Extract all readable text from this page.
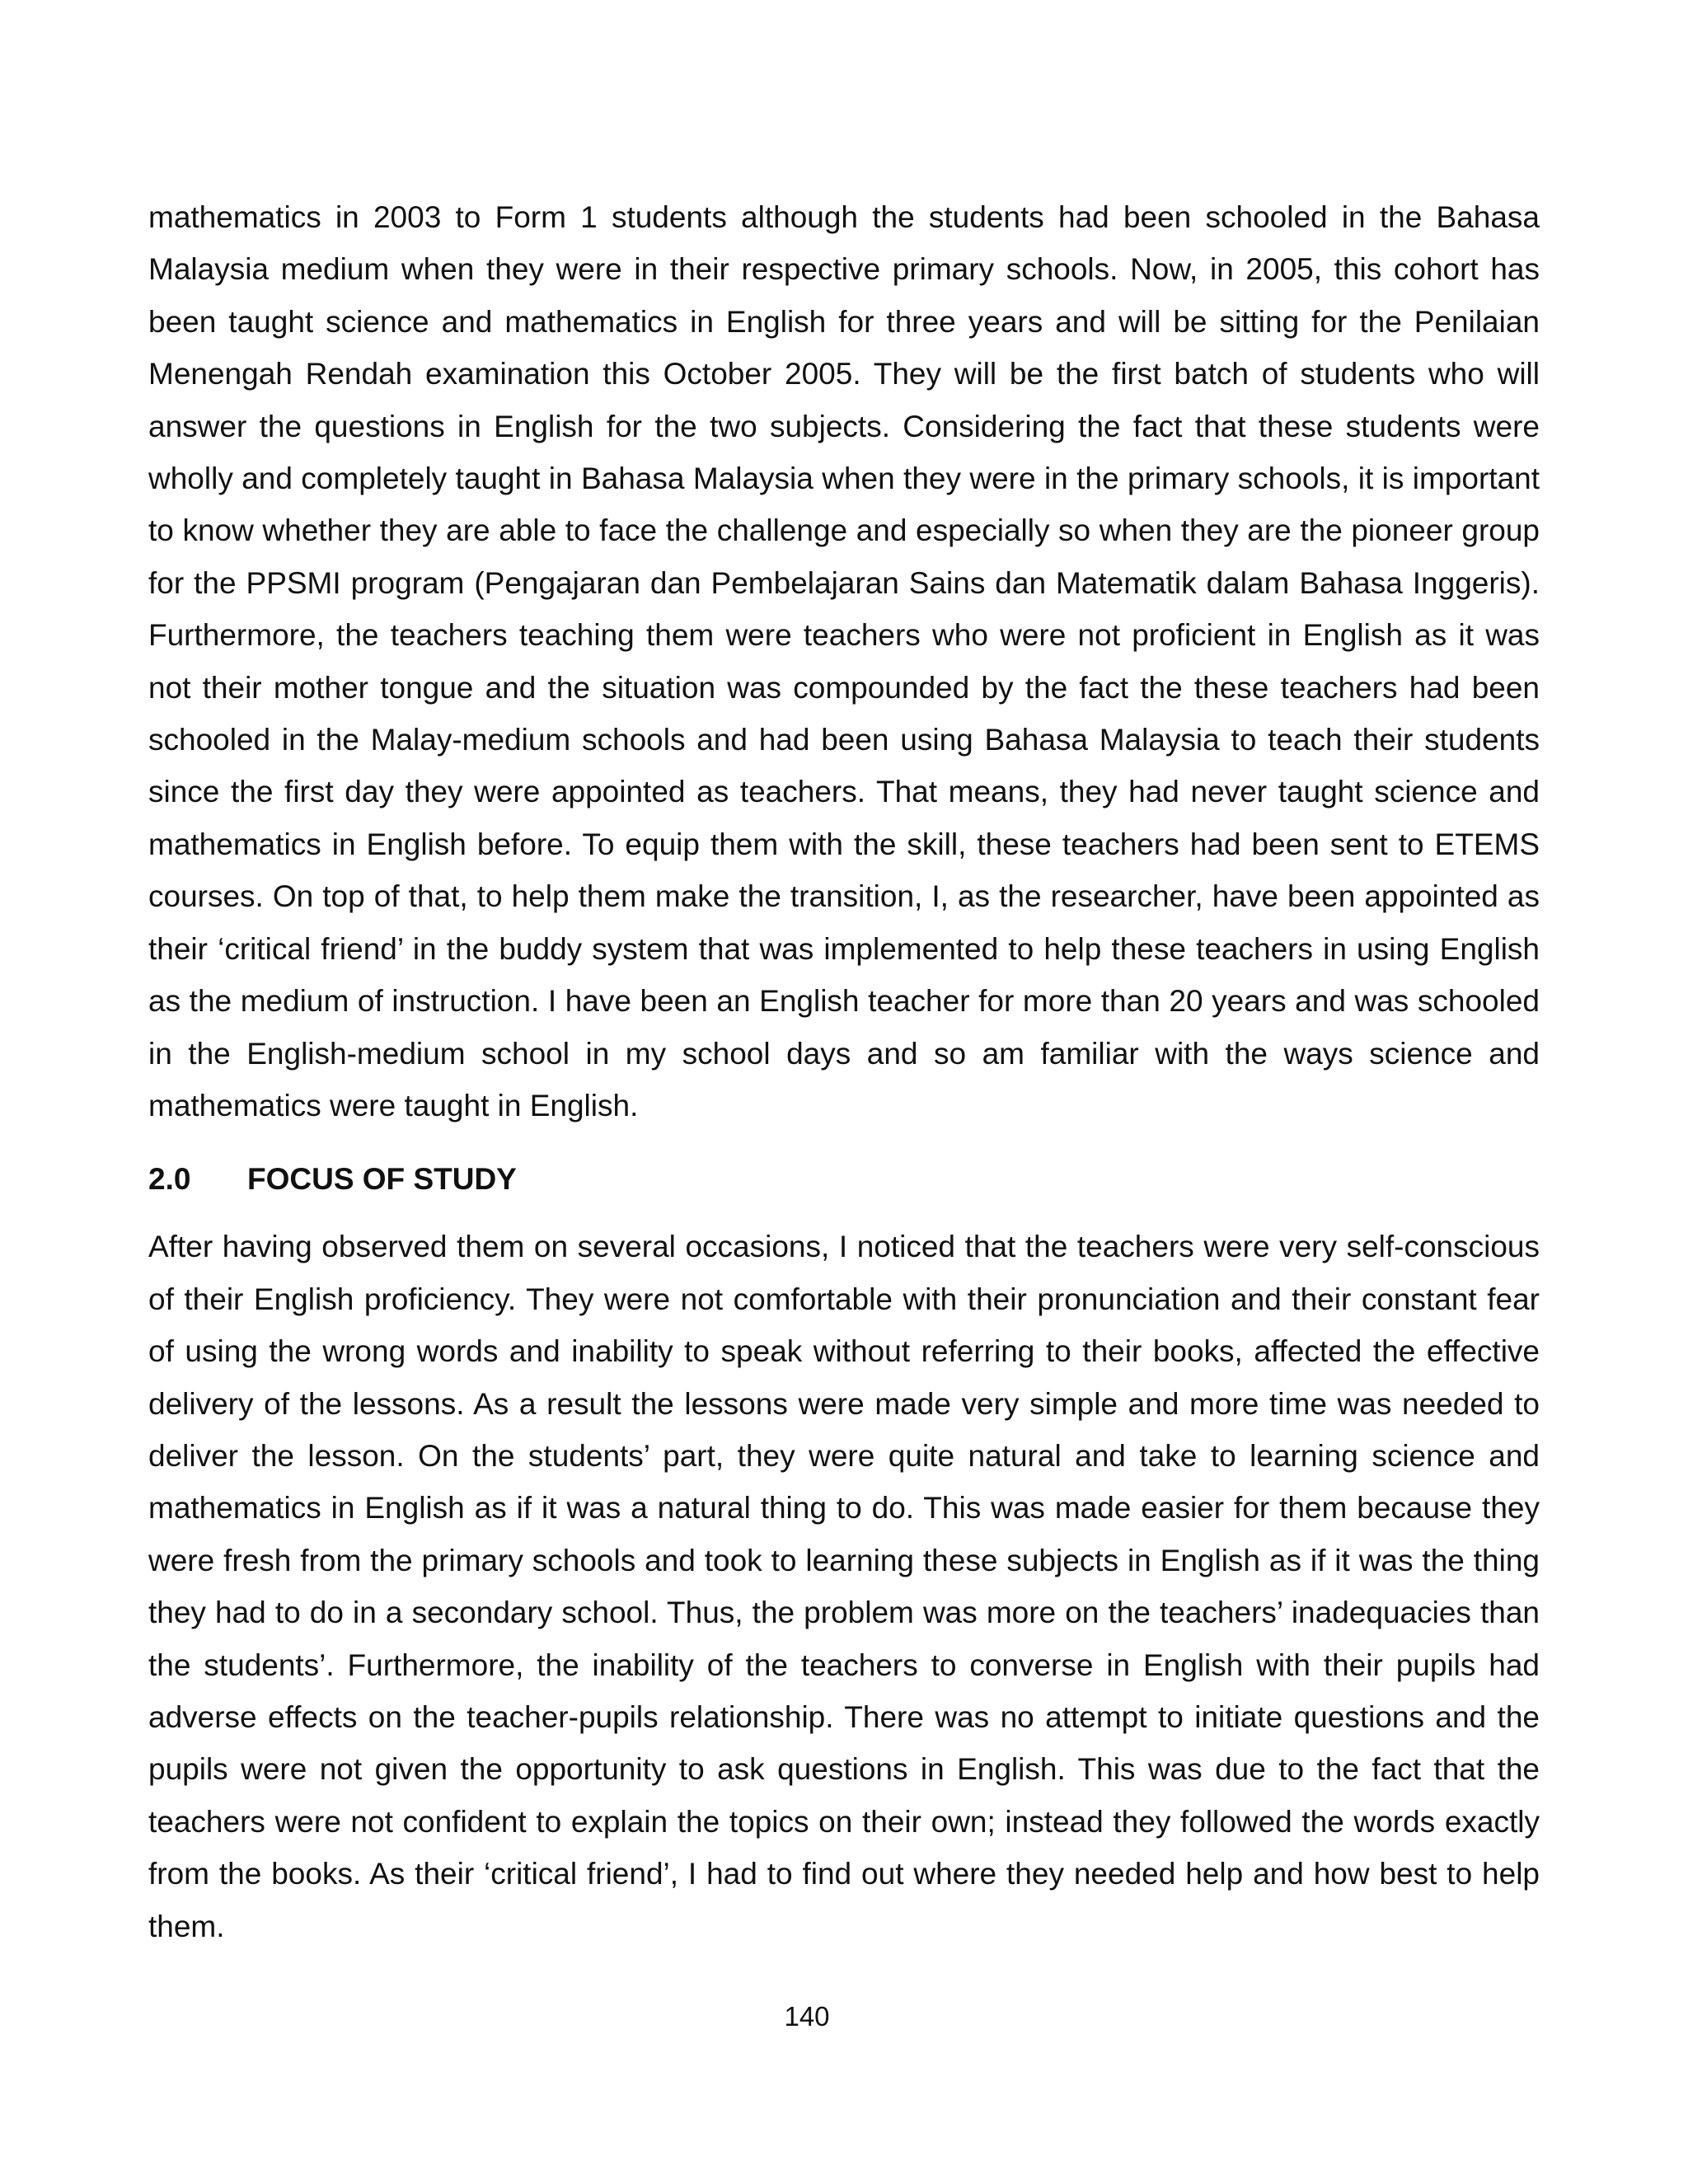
mathematics in 2003 to Form 1 students although the students had been schooled in the Bahasa Malaysia medium when they were in their respective primary schools. Now, in 2005, this cohort has been taught science and mathematics in English for three years and will be sitting for the Penilaian Menengah Rendah examination this October 2005. They will be the first batch of students who will answer the questions in English for the two subjects. Considering the fact that these students were wholly and completely taught in Bahasa Malaysia when they were in the primary schools, it is important to know whether they are able to face the challenge and especially so when they are the pioneer group for the PPSMI program (Pengajaran dan Pembelajaran Sains dan Matematik dalam Bahasa Inggeris). Furthermore, the teachers teaching them were teachers who were not proficient in English as it was not their mother tongue and the situation was compounded by the fact the these teachers had been schooled in the Malay-medium schools and had been using Bahasa Malaysia to teach their students since the first day they were appointed as teachers. That means, they had never taught science and mathematics in English before. To equip them with the skill, these teachers had been sent to ETEMS courses. On top of that, to help them make the transition, I, as the researcher, have been appointed as their ‘critical friend’ in the buddy system that was implemented to help these teachers in using English as the medium of instruction. I have been an English teacher for more than 20 years and was schooled in the English-medium school in my school days and so am familiar with the ways science and mathematics were taught in English.

2.0 FOCUS OF STUDY

After having observed them on several occasions, I noticed that the teachers were very self-conscious of their English proficiency. They were not comfortable with their pronunciation and their constant fear of using the wrong words and inability to speak without referring to their books, affected the effective delivery of the lessons. As a result the lessons were made very simple and more time was needed to deliver the lesson. On the students’ part, they were quite natural and take to learning science and mathematics in English as if it was a natural thing to do. This was made easier for them because they were fresh from the primary schools and took to learning these subjects in English as if it was the thing they had to do in a secondary school. Thus, the problem was more on the teachers’ inadequacies than the students’. Furthermore, the inability of the teachers to converse in English with their pupils had adverse effects on the teacher-pupils relationship. There was no attempt to initiate questions and the pupils were not given the opportunity to ask questions in English. This was due to the fact that the teachers were not confident to explain the topics on their own; instead they followed the words exactly from the books. As their ‘critical friend’, I had to find out where they needed help and how best to help them.

140
